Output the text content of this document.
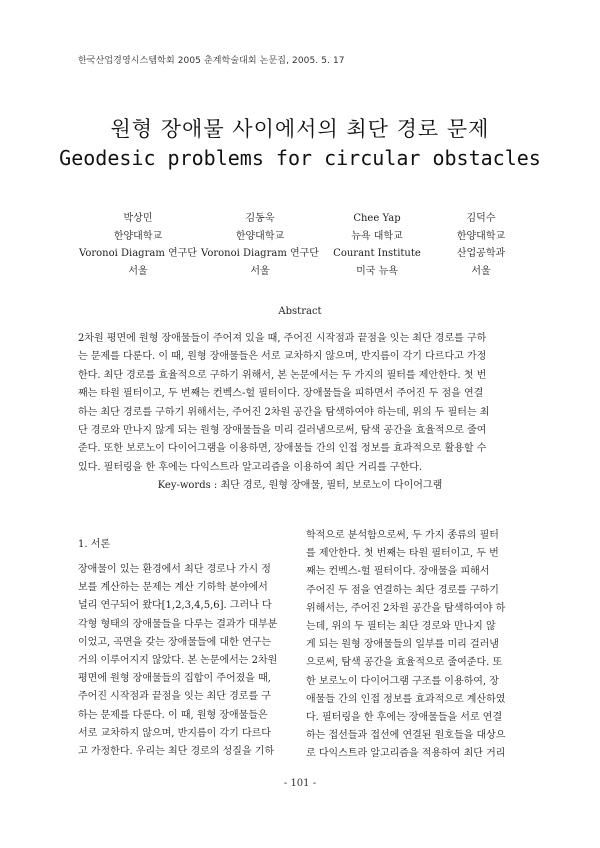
한국산업경영시스템학회 2005 춘계학술대회 논문집, 2005. 5. 17
원형 장애물 사이에서의 최단 경로 문제
Geodesic problems for circular obstacles
박상민
한양대학교
Voronoi Diagram 연구단
서울
김동욱
한양대학교
Voronoi Diagram 연구단
서울
Chee Yap
뉴욕 대학교
Courant Institute
미국 뉴욕
김덕수
한양대학교
산업공학과
서울
Abstract
2차원 평면에 원형 장애물들이 주어져 있을 때, 주어진 시작점과 끝점을 잇는 최단 경로를 구하
는 문제를 다룬다. 이 때, 원형 장애물들은 서로 교차하지 않으며, 반지름이 각기 다르다고 가정
한다. 최단 경로를 효율적으로 구하기 위해서, 본 논문에서는 두 가지의 필터를 제안한다. 첫 번
째는 타원 필터이고, 두 번째는 컨벡스-헐 필터이다. 장애물들을 피하면서 주어진 두 점을 연결
하는 최단 경로를 구하기 위해서는, 주어진 2차원 공간을 탐색하여야 하는데, 위의 두 필터는 최
단 경로와 만나지 않게 되는 원형 장애물들을 미리 걸러냄으로써, 탐색 공간을 효율적으로 줄여
준다. 또한 보로노이 다이어그램을 이용하면, 장애물들 간의 인접 정보를 효과적으로 활용할 수
있다. 필터링을 한 후에는 다익스트라 알고리즘을 이용하여 최단 거리를 구한다.
Key-words : 최단 경로, 원형 장애물, 필터, 보로노이 다이어그램
1. 서론
장애물이 있는 환경에서 최단 경로나 가시 정
보를 계산하는 문제는 계산 기하학 분야에서
널리 연구되어 왔다[1,2,3,4,5,6]. 그러나 다
각형 형태의 장애물들을 다루는 결과가 대부분
이었고, 곡면을 갖는 장애물들에 대한 연구는
거의 이루어지지 않았다. 본 논문에서는 2차원
평면에 원형 장애물들의 집합이 주어졌을 때,
주어진 시작점과 끝점을 잇는 최단 경로를 구
하는 문제를 다룬다. 이 때, 원형 장애물들은
서로 교차하지 않으며, 반지름이 각기 다르다
고 가정한다. 우리는 최단 경로의 성질을 기하
학적으로 분석함으로써, 두 가지 종류의 필터
를 제안한다. 첫 번째는 타원 필터이고, 두 번
째는 컨벡스-헐 필터이다. 장애물을 피해서
주어진 두 점을 연결하는 최단 경로를 구하기
위해서는, 주어진 2차원 공간을 탐색하여야 하
는데, 위의 두 필터는 최단 경로와 만나지 않
게 되는 원형 장애물들의 일부를 미리 걸러냄
으로써, 탐색 공간을 효율적으로 줄여준다. 또
한 보로노이 다이어그램 구조를 이용하여, 장
애물들 간의 인접 정보를 효과적으로 계산하였
다. 필터링을 한 후에는 장애물들을 서로 연결
하는 접선들과 접선에 연결된 원호들을 대상으
로 다익스트라 알고리즘을 적용하여 최단 거리
- 101 -
